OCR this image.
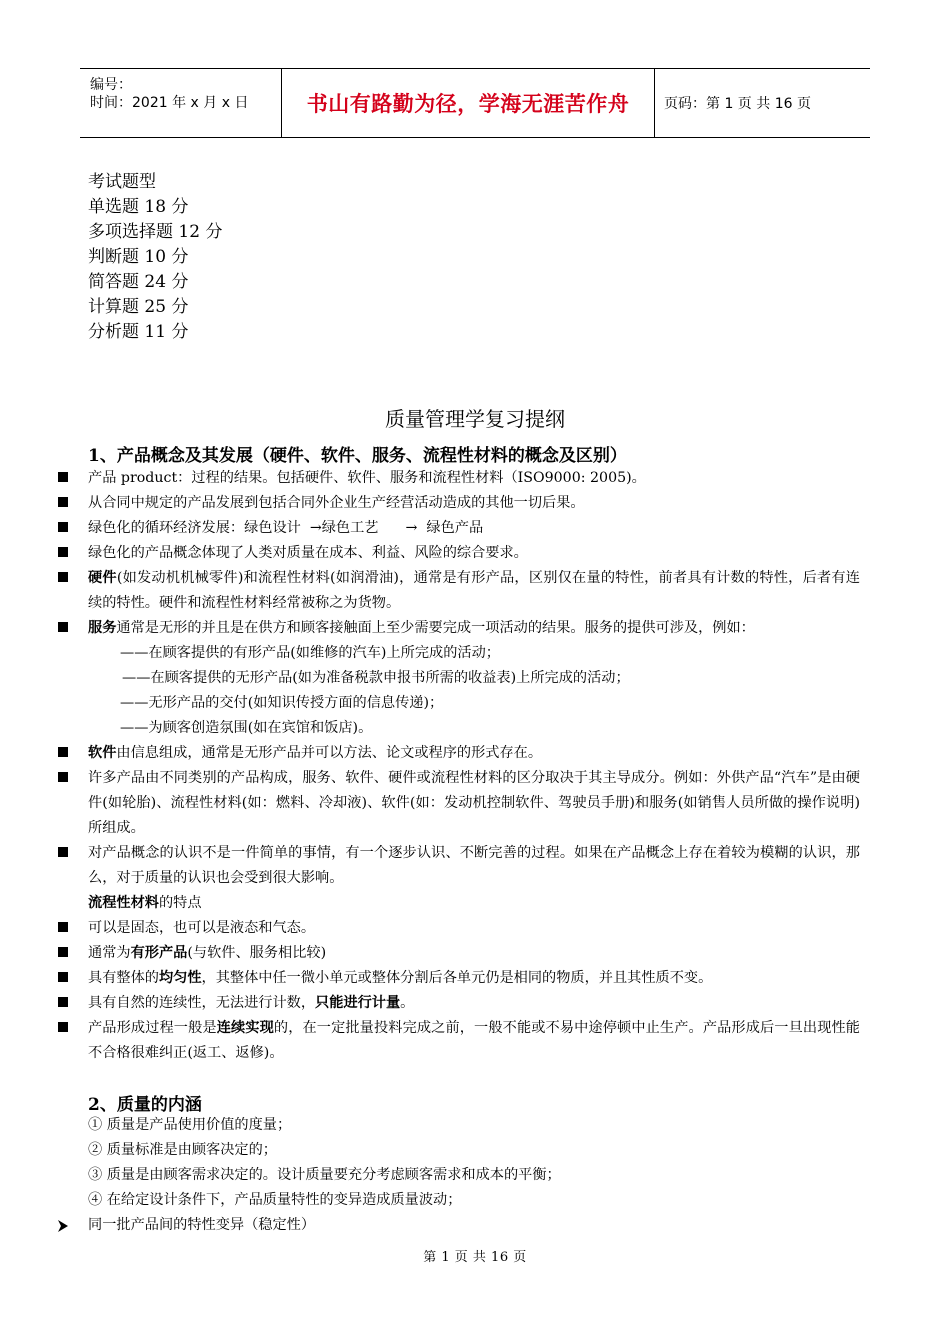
编号：
时间：2021 年 x 月 x 日	书山有路勤为径，学海无涯苦作舟 页码：第 1 页 共 16 页
考试题型
单选题 18 分
多项选择题 12 分
判断题 10 分
简答题 24 分
计算题 25 分
分析题 11 分
质量管理学复习提纲
1、产品概念及其发展（硬件、软件、服务、流程性材料的概念及区别）
产品 product：过程的结果。包括硬件、软件、服务和流程性材料（ISO9000: 2005)。
从合同中规定的产品发展到包括合同外企业生产经营活动造成的其他一切后果。
绿色化的循环经济发展：绿色设计  →绿色工艺      →  绿色产品
绿色化的产品概念体现了人类对质量在成本、利益、风险的综合要求。
硬件(如发动机机械零件)和流程性材料(如润滑油)，通常是有形产品，区别仅在量的特性，前者具有计数的特性，后者有连续的特性。硬件和流程性材料经常被称之为货物。
服务通常是无形的并且是在供方和顾客接触面上至少需要完成一项活动的结果。服务的提供可涉及，例如：
——在顾客提供的有形产品(如维修的汽车)上所完成的活动；
——在顾客提供的无形产品(如为准备税款申报书所需的收益表)上所完成的活动；
——无形产品的交付(如知识传授方面的信息传递)；
——为顾客创造氛围(如在宾馆和饭店)。
软件由信息组成，通常是无形产品并可以方法、论文或程序的形式存在。
许多产品由不同类别的产品构成，服务、软件、硬件或流程性材料的区分取决于其主导成分。例如：外供产品“汽车”是由硬件(如轮胎)、流程性材料(如：燃料、冷却液)、软件(如：发动机控制软件、驾驶员手册)和服务(如销售人员所做的操作说明)所组成。
对产品概念的认识不是一件简单的事情，有一个逐步认识、不断完善的过程。如果在产品概念上存在着较为模糊的认识，那么，对于质量的认识也会受到很大影响。
流程性材料的特点
可以是固态，也可以是液态和气态。
通常为有形产品(与软件、服务相比较)
具有整体的均匀性，其整体中任一微小单元或整体分割后各单元仍是相同的物质，并且其性质不变。
具有自然的连续性，无法进行计数，只能进行计量。
产品形成过程一般是连续实现的，在一定批量投料完成之前，一般不能或不易中途停顿中止生产。产品形成后一旦出现性能不合格很难纠正(返工、返修)。
2、质量的内涵
① 质量是产品使用价值的度量；
② 质量标准是由顾客决定的；
③ 质量是由顾客需求决定的。设计质量要充分考虑顾客需求和成本的平衡；
④ 在给定设计条件下，产品质量特性的变异造成质量波动；
同一批产品间的特性变异（稳定性）
第 1 页 共 16 页
